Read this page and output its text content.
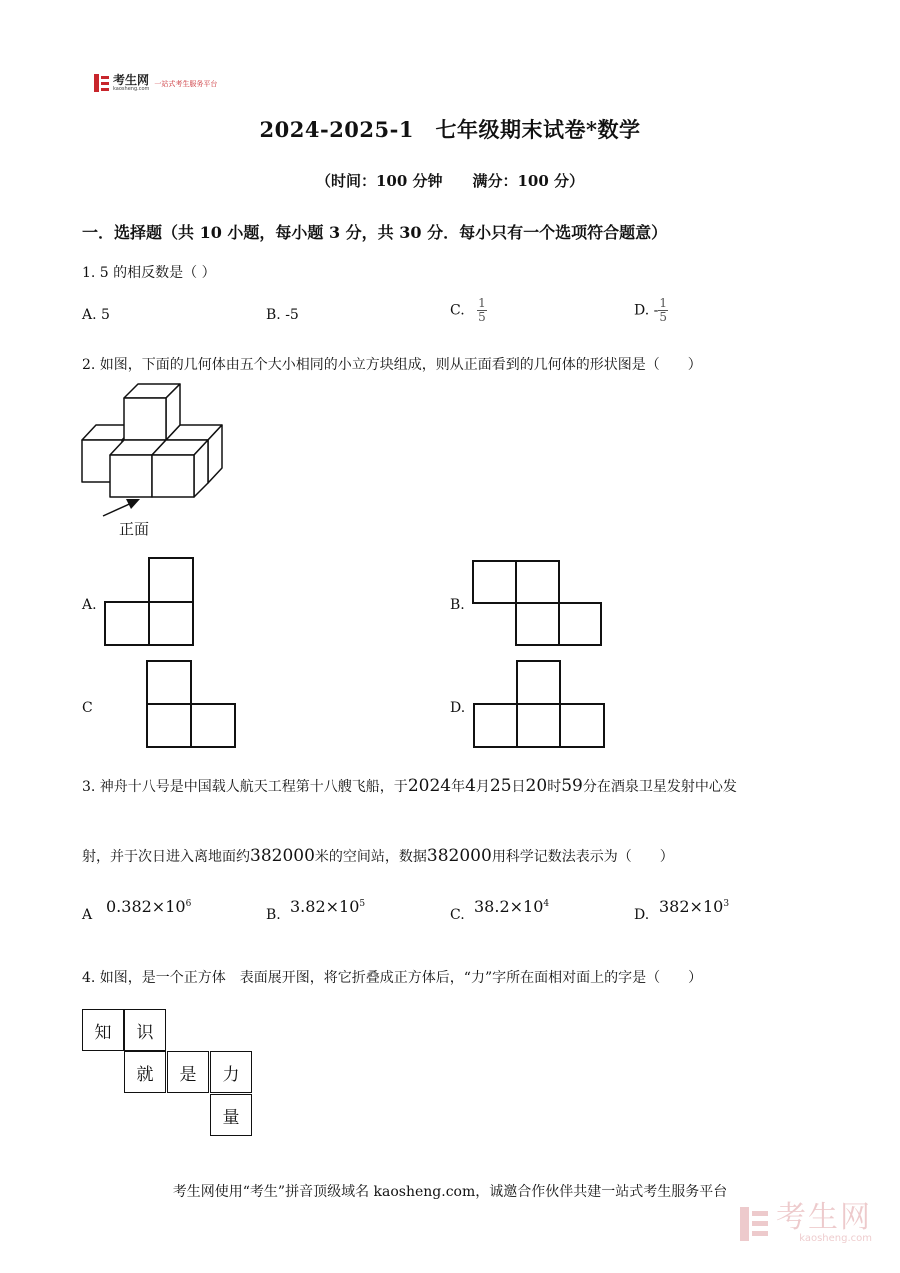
考生网
kaosheng.com
一站式考生服务平台
2024-2025-1　七年级期末试卷*数学
（时间：100 分钟　　满分：100 分）
一．选择题（共 10 小题，每小题 3 分，共 30 分．每小只有一个选项符合题意）
1. 5 的相反数是（ ）
A. 5	B. -5	C. $\frac{1}{5}$	D. - $\frac{1}{5}$
2. 如图，下面的几何体由五个大小相同的小立方块组成，则从正面看到的几何体的形状图是（　　）
正面
A.	B.
C	D.
3. 神舟十八号是中国载人航天工程第十八艘飞船，于2024年4月25日20时59分在酒泉卫星发射中心发
射，并于次日进入离地面约382000米的空间站，数据382000用科学记数法表示为（　　）
A $0.382\times 10^6$
B. $3.82\times 10^5$
C. $38.2\times 10^4$
D. $382\times 10^3$
4. 如图，是一个正方体　表面展开图，将它折叠成正方体后，“力”字所在面相对面上的字是（　　）
知	识
就	是	力
量
考生网使用“考生”拼音顶级域名 kaosheng.com，诚邀合作伙伴共建一站式考生服务平台
考生网
kaosheng.com
